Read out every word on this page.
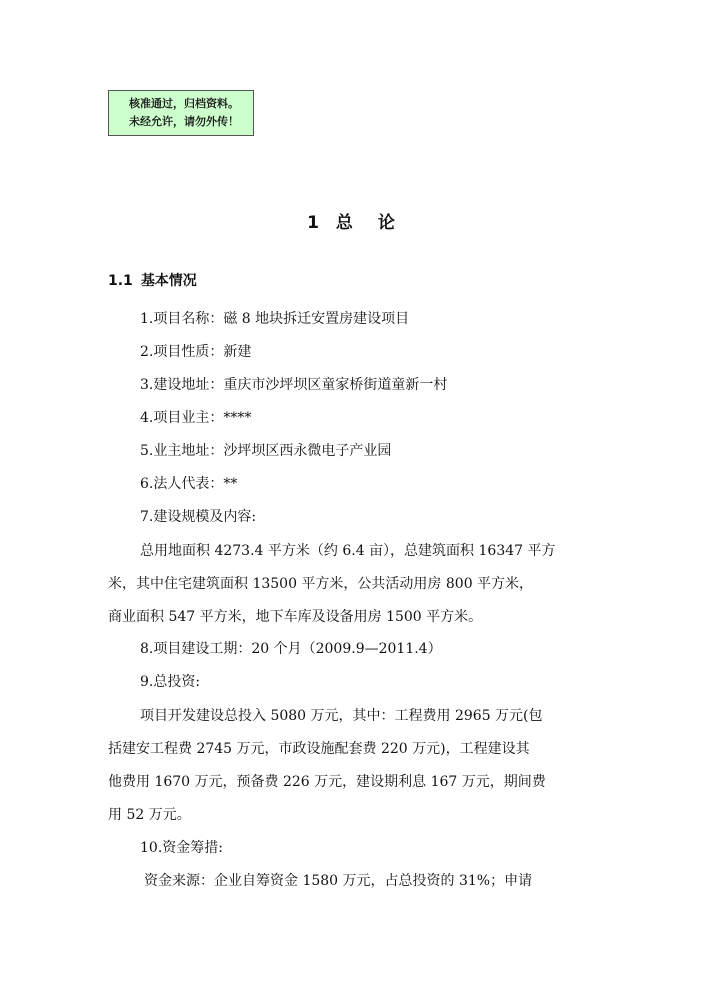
核准通过，归档资料。
未经允许，请勿外传！
1 总 论
1.1 基本情况
1.项目名称：磁 8 地块拆迁安置房建设项目
2.项目性质：新建
3.建设地址：重庆市沙坪坝区童家桥街道童新一村
4.项目业主：****
5.业主地址：沙坪坝区西永微电子产业园
6.法人代表：**
7.建设规模及内容:
总用地面积 4273.4 平方米（约 6.4 亩），总建筑面积 16347 平方
米，其中住宅建筑面积 13500 平方米，公共活动用房 800 平方米，
商业面积 547 平方米，地下车库及设备用房 1500 平方米。
8.项目建设工期：20 个月（2009.9—2011.4）
9.总投资:
项目开发建设总投入 5080 万元，其中：工程费用 2965 万元(包
括建安工程费 2745 万元，市政设施配套费 220 万元)，工程建设其
他费用 1670 万元，预备费 226 万元，建设期利息 167 万元，期间费
用 52 万元。
10.资金筹措:
资金来源：企业自筹资金 1580 万元，占总投资的 31%；申请
